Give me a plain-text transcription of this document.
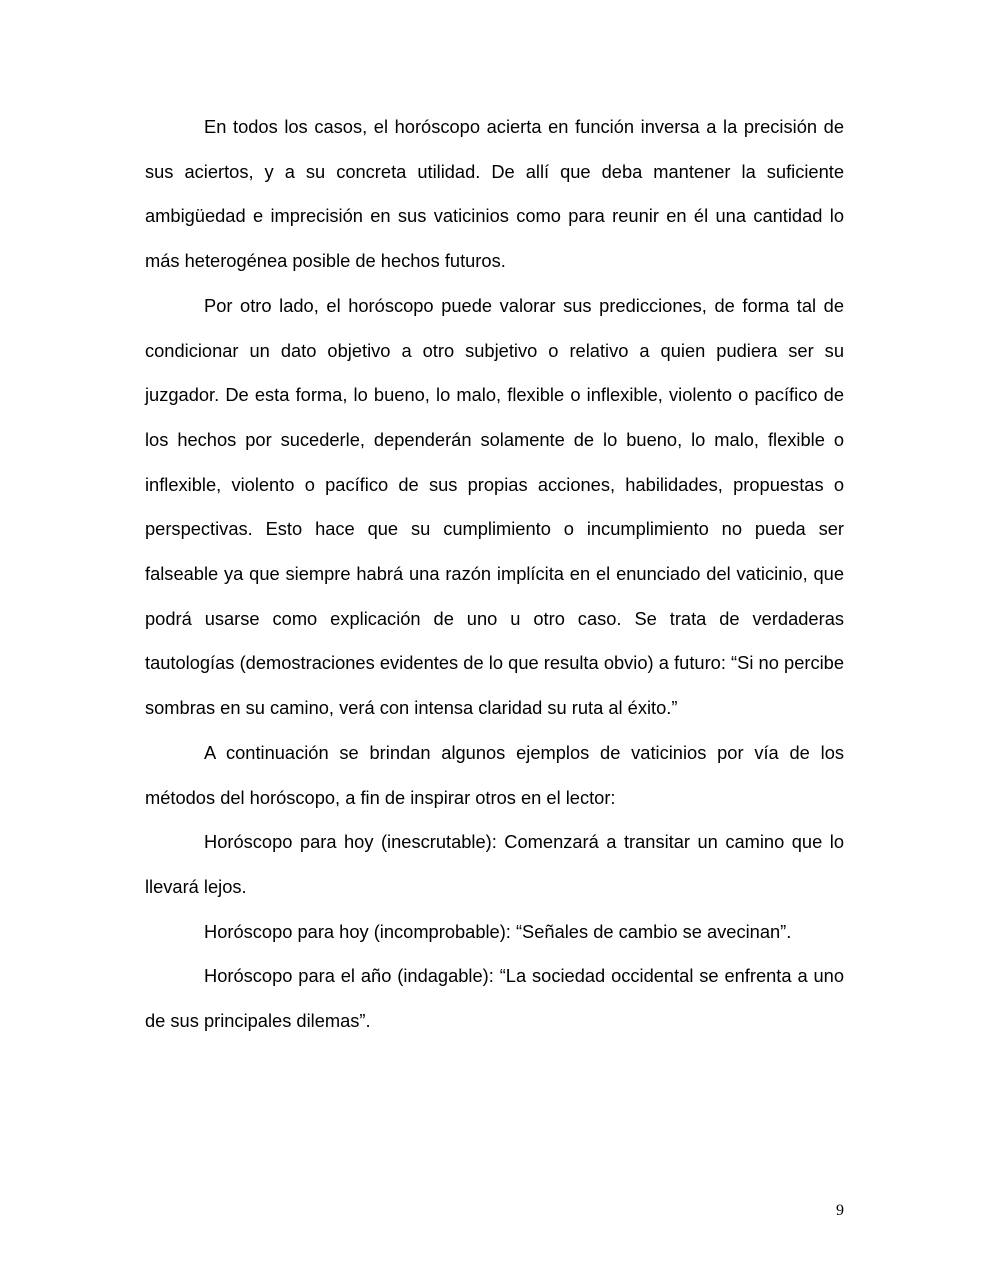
En todos los casos, el horóscopo acierta en función inversa a la precisión de sus aciertos, y a su concreta utilidad. De allí que deba mantener la suficiente ambigüedad e imprecisión en sus vaticinios como para reunir en él una cantidad lo más heterogénea posible de hechos futuros.

Por otro lado, el horóscopo puede valorar sus predicciones, de forma tal de condicionar un dato objetivo a otro subjetivo o relativo a quien pudiera ser su juzgador. De esta forma, lo bueno, lo malo, flexible o inflexible, violento o pacífico de los hechos por sucederle, dependerán solamente de lo bueno, lo malo, flexible o inflexible, violento o pacífico de sus propias acciones, habilidades, propuestas o perspectivas. Esto hace que su cumplimiento o incumplimiento no pueda ser falseable ya que siempre habrá una razón implícita en el enunciado del vaticinio, que podrá usarse como explicación de uno u otro caso. Se trata de verdaderas tautologías (demostraciones evidentes de lo que resulta obvio) a futuro: “Si no percibe sombras en su camino, verá con intensa claridad su ruta al éxito.”

A continuación se brindan algunos ejemplos de vaticinios por vía de los métodos del horóscopo, a fin de inspirar otros en el lector:

Horóscopo para hoy (inescrutable): Comenzará a transitar un camino que lo llevará lejos.

Horóscopo para hoy (incomprobable): “Señales de cambio se avecinan”.

Horóscopo para el año (indagable): “La sociedad occidental se enfrenta a uno de sus principales dilemas”.

9
